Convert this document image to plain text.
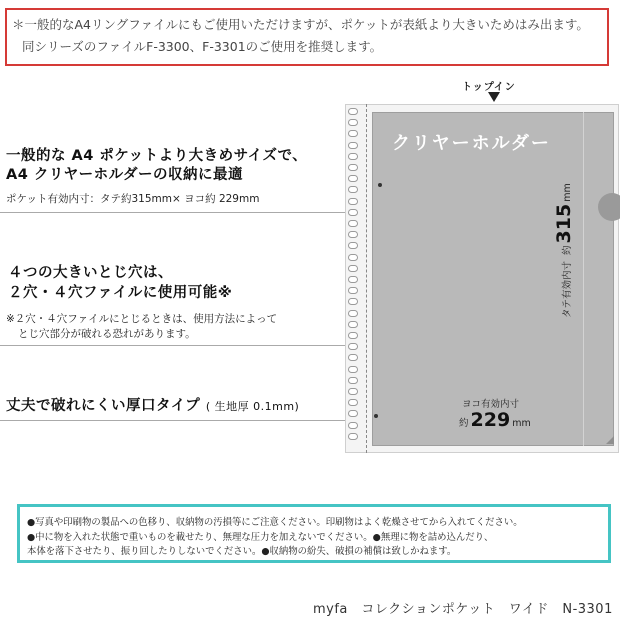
＊一般的なA4リングファイルにもご使用いただけますが、ポケットが表紙より大きいためはみ出ます。
同シリーズのファイルF-3300、F-3301のご使用を推奨します。
一般的な A4 ポケットより大きめサイズで、
A4 クリヤーホルダーの収納に最適
ポケット有効内寸：タテ約315mm× ヨコ約 229mm
４つの大きいとじ穴は、
２穴・４穴ファイルに使用可能※
※２穴・４穴ファイルにとじるときは、使用方法によって
とじ穴部分が破れる恐れがあります。
丈夫で破れにくい厚口タイプ ( 生地厚 0.1mm)
トップイン
クリヤーホルダー
タテ有効内寸
約
315
mm
ヨコ有効内寸
約 229 mm
●写真や印刷物の製品への色移り、収納物の汚損等にご注意ください。印刷物はよく乾燥させてから入れてください。
●中に物を入れた状態で重いものを載せたり、無理な圧力を加えないでください。●無理に物を詰め込んだり、
本体を落下させたり、振り回したりしないでください。●収納物の紛失、破損の補償は致しかねます。
myfa　コレクションポケット　ワイド　N-3301
